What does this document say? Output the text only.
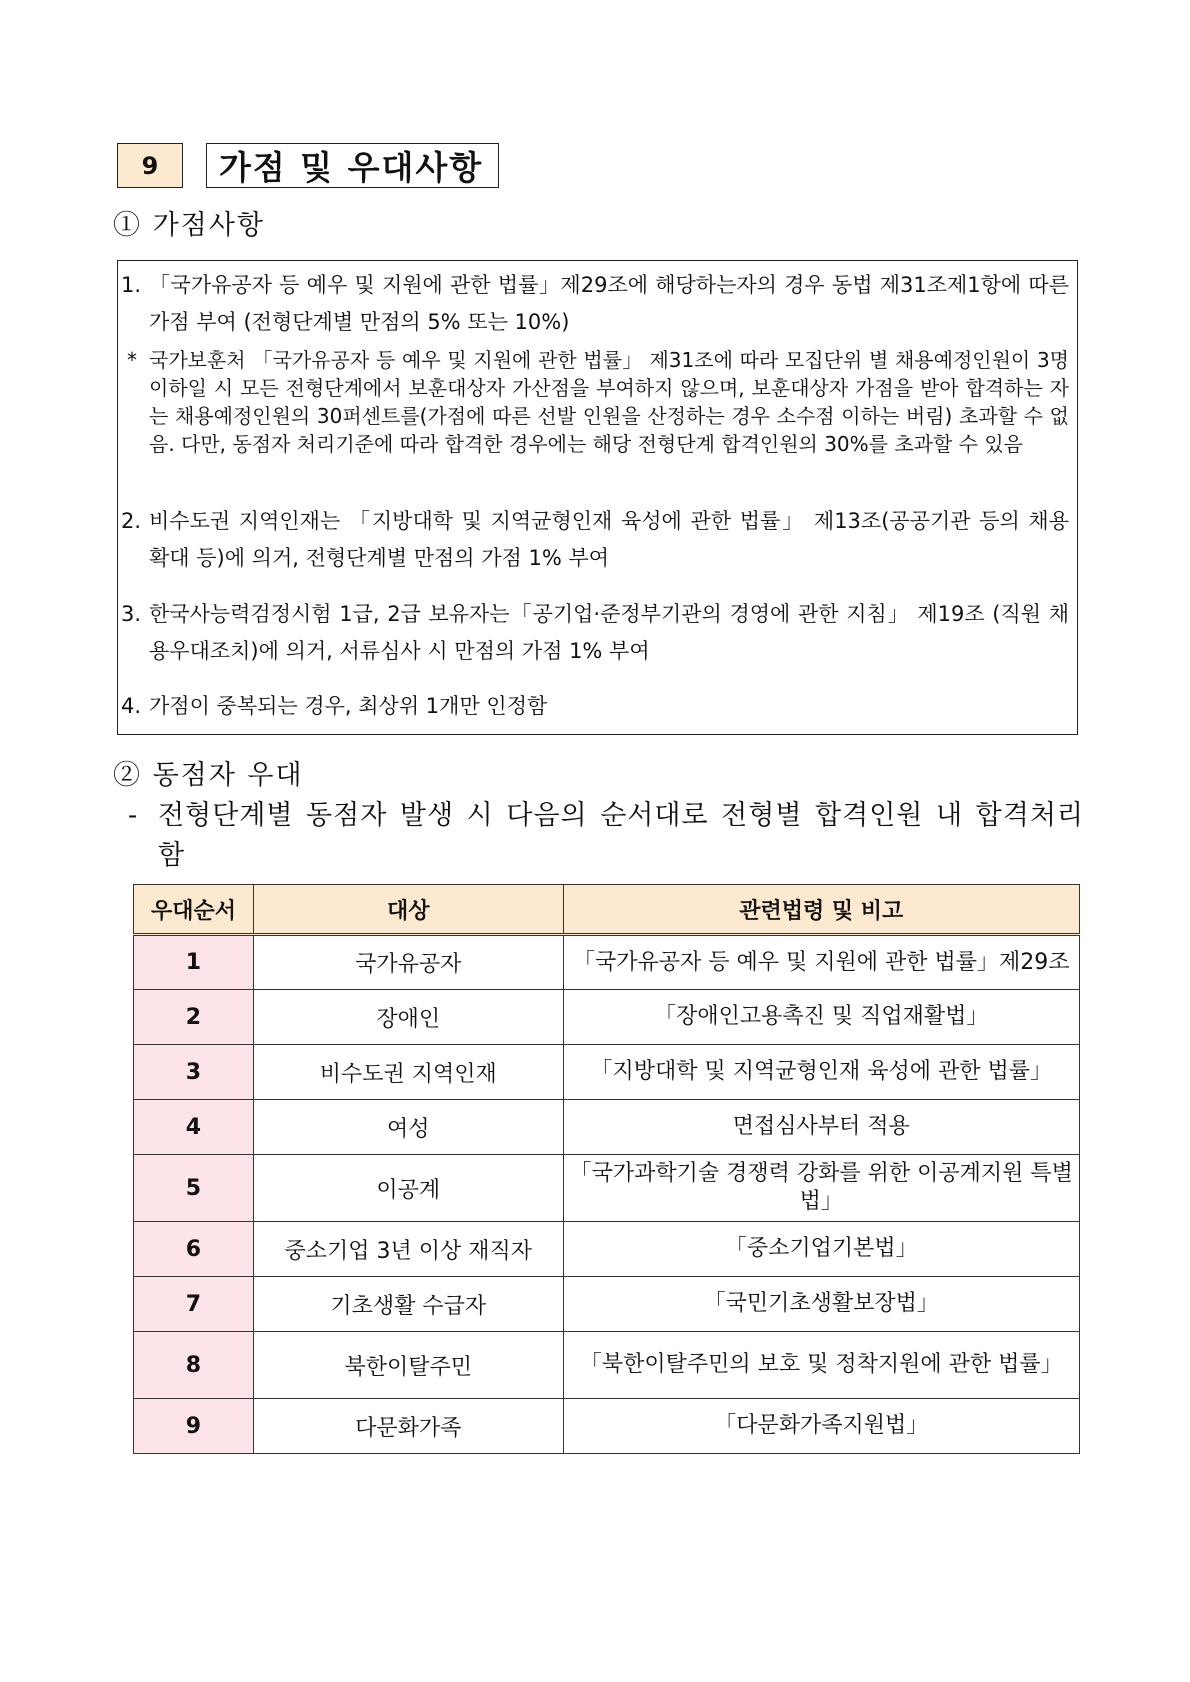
9	가점 및 우대사항
① 가점사항
1. 「국가유공자 등 예우 및 지원에 관한 법률」제29조에 해당하는자의 경우 동법 제31조제1항에 따른 가점 부여 (전형단계별 만점의 5% 또는 10%)
* 국가보훈처 「국가유공자 등 예우 및 지원에 관한 법률」 제31조에 따라 모집단위 별 채용예정인원이 3명 이하일 시 모든 전형단계에서 보훈대상자 가산점을 부여하지 않으며, 보훈대상자 가점을 받아 합격하는 자는 채용예정인원의 30퍼센트를(가점에 따른 선발 인원을 산정하는 경우 소수점 이하는 버림) 초과할 수 없음. 다만, 동점자 처리기준에 따라 합격한 경우에는 해당 전형단계 합격인원의 30%를 초과할 수 있음
2. 비수도권 지역인재는 「지방대학 및 지역균형인재 육성에 관한 법률」 제13조(공공기관 등의 채용 확대 등)에 의거, 전형단계별 만점의 가점 1% 부여
3. 한국사능력검정시험 1급, 2급 보유자는「공기업·준정부기관의 경영에 관한 지침」 제19조 (직원 채용우대조치)에 의거, 서류심사 시 만점의 가점 1% 부여
4. 가점이 중복되는 경우, 최상위 1개만 인정함
② 동점자 우대
- 전형단계별 동점자 발생 시 다음의 순서대로 전형별 합격인원 내 합격처리 함
우대순서	대상	관련법령 및 비고
1	국가유공자	「국가유공자 등 예우 및 지원에 관한 법률」제29조
2	장애인	「장애인고용촉진 및 직업재활법」
3	비수도권 지역인재	「지방대학 및 지역균형인재 육성에 관한 법률」
4	여성	면접심사부터 적용
5	이공계	「국가과학기술 경쟁력 강화를 위한 이공계지원 특별법」
6	중소기업 3년 이상 재직자	「중소기업기본법」
7	기초생활 수급자	「국민기초생활보장법」
8	북한이탈주민	「북한이탈주민의 보호 및 정착지원에 관한 법률」
9	다문화가족	「다문화가족지원법」
